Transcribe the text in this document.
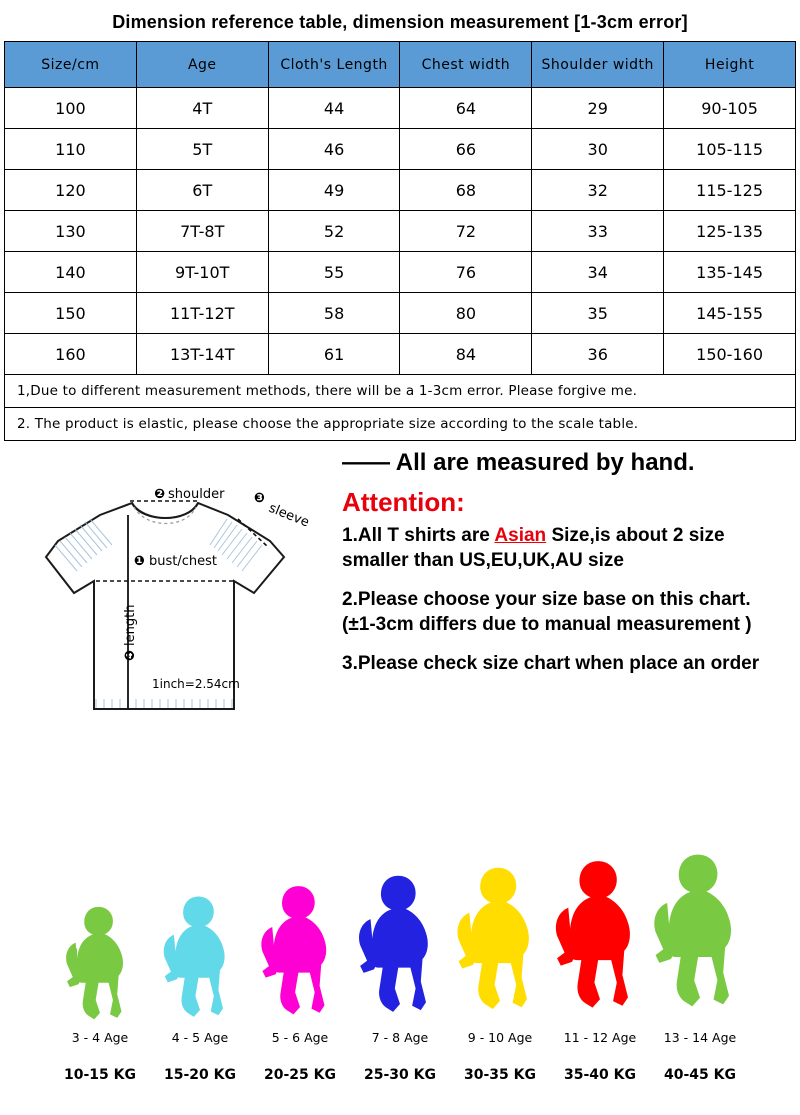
Dimension reference table, dimension measurement [1-3cm error]
Size/cm	Age	Cloth's Length	Chest width	Shoulder width	Height
100	4T	44	64	29	90-105
110	5T	46	66	30	105-115
120	6T	49	68	32	115-125
130	7T-8T	52	72	33	125-135
140	9T-10T	55	76	34	135-145
150	11T-12T	58	80	35	145-155
160	13T-14T	61	84	36	150-160
1,Due to different measurement methods, there will be a 1-3cm error. Please forgive me.
2. The product is elastic, please choose the appropriate size according to the scale table.
❷ shoulder ❸
sleeve
❶ bust/chest
❹
length
1inch=2.54cm
—— All are measured by hand.
Attention:

1.All T shirts are Asian Size,is about 2 size smaller than US,EU,UK,AU size

2.Please choose your size base on this chart.(±1-3cm differs due to manual measurement )

3.Please check size chart when place an order

3 - 4 Age	4 - 5 Age	5 - 6 Age	7 - 8 Age	9 - 10 Age	11 - 12 Age	13 - 14 Age
10-15 KG	15-20 KG	20-25 KG	25-30 KG	30-35 KG	35-40 KG	40-45 KG
